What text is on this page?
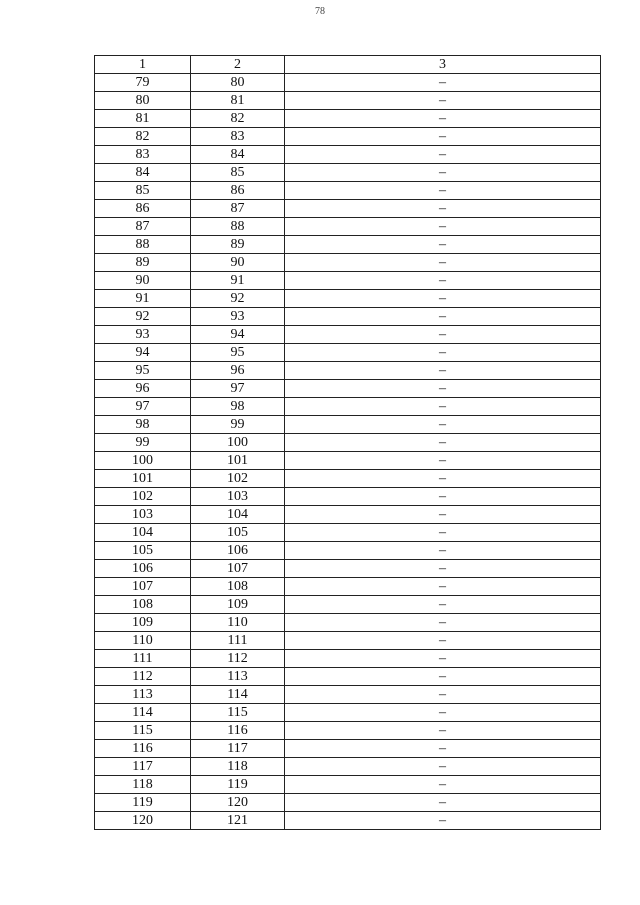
78
1	2	3
79	80	–
80	81	–
81	82	–
82	83	–
83	84	–
84	85	–
85	86	–
86	87	–
87	88	–
88	89	–
89	90	–
90	91	–
91	92	–
92	93	–
93	94	–
94	95	–
95	96	–
96	97	–
97	98	–
98	99	–
99	100	–
100	101	–
101	102	–
102	103	–
103	104	–
104	105	–
105	106	–
106	107	–
107	108	–
108	109	–
109	110	–
110	111	–
111	112	–
112	113	–
113	114	–
114	115	–
115	116	–
116	117	–
117	118	–
118	119	–
119	120	–
120	121	–
